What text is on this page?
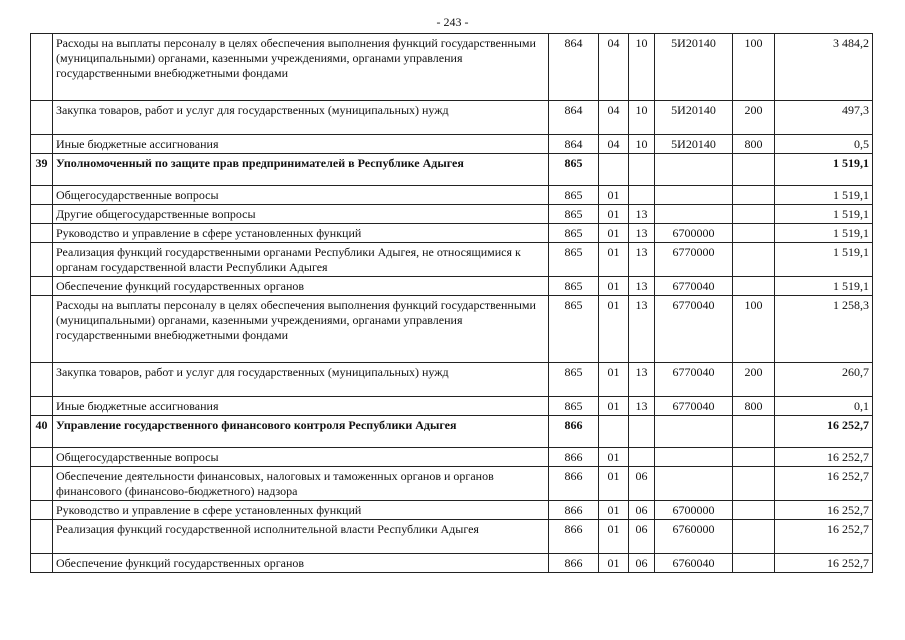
- 243 -
	Расходы на выплаты персоналу в целях обеспечения выполнения функций государственными (муниципальными) органами, казенными учреждениями, органами управления государственными внебюджетными фондами	864	04	10	5И20140	100	3 484,2
	Закупка товаров, работ и услуг для государственных (муниципальных) нужд	864	04	10	5И20140	200	497,3
	Иные бюджетные ассигнования	864	04	10	5И20140	800	0,5
39	Уполномоченный по защите прав предпринимателей в Республике Адыгея	865					1 519,1
	Общегосударственные вопросы	865	01				1 519,1
	Другие общегосударственные вопросы	865	01	13			1 519,1
	Руководство и управление в сфере установленных функций	865	01	13	6700000		1 519,1
	Реализация функций государственными органами Республики Адыгея, не относящимися к органам государственной власти Республики Адыгея	865	01	13	6770000		1 519,1
	Обеспечение функций государственных органов	865	01	13	6770040		1 519,1
	Расходы на выплаты персоналу в целях обеспечения выполнения функций государственными (муниципальными) органами, казенными учреждениями, органами управления государственными внебюджетными фондами	865	01	13	6770040	100	1 258,3
	Закупка товаров, работ и услуг для государственных (муниципальных) нужд	865	01	13	6770040	200	260,7
	Иные бюджетные ассигнования	865	01	13	6770040	800	0,1
40	Управление государственного финансового контроля Республики Адыгея	866					16 252,7
	Общегосударственные вопросы	866	01				16 252,7
	Обеспечение деятельности финансовых, налоговых и таможенных органов и органов финансового (финансово-бюджетного) надзора	866	01	06			16 252,7
	Руководство и управление в сфере установленных функций	866	01	06	6700000		16 252,7
	Реализация функций государственной исполнительной власти Республики Адыгея	866	01	06	6760000		16 252,7
	Обеспечение функций государственных органов	866	01	06	6760040		16 252,7
